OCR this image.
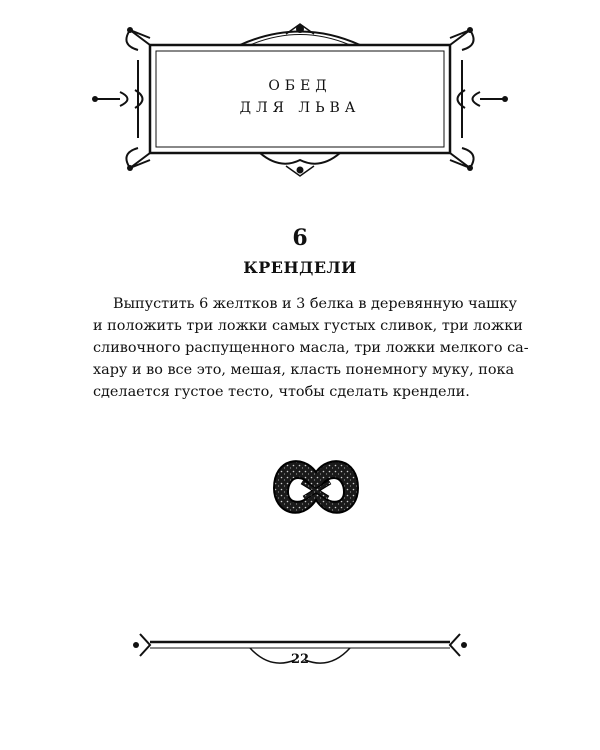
ОБЕД
ДЛЯ ЛЬВА
6
КРЕНДЕЛИ
Выпустить 6 желтков и 3 белка в деревянную чашку
и положить три ложки самых густых сливок, три ложки
сливочного распущенного масла, три ложки мелкого са-
хару и во все это, мешая, класть понемногу муку, пока
сделается густое тесто, чтобы сделать крендели.
22
